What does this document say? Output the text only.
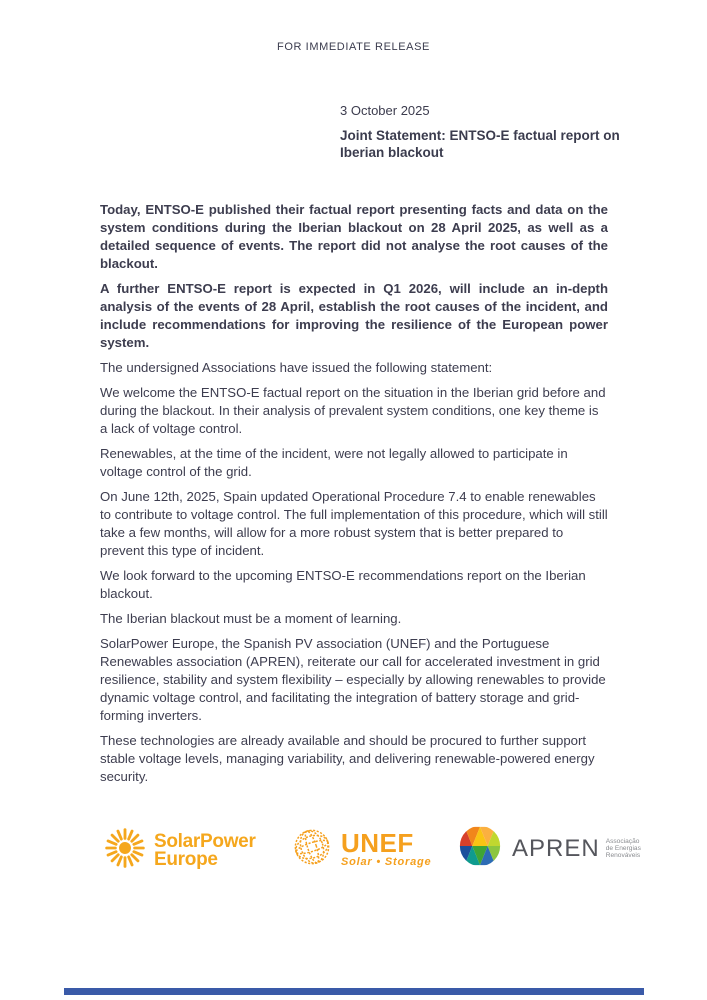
FOR IMMEDIATE RELEASE
3 October 2025
Joint Statement: ENTSO-E factual report on Iberian blackout

Today, ENTSO-E published their factual report presenting facts and data on the system conditions during the Iberian blackout on 28 April 2025, as well as a detailed sequence of events. The report did not analyse the root causes of the blackout.

A further ENTSO-E report is expected in Q1 2026, will include an in-depth analysis of the events of 28 April, establish the root causes of the incident, and include recommendations for improving the resilience of the European power system.

The undersigned Associations have issued the following statement:

We welcome the ENTSO-E factual report on the situation in the Iberian grid before and during the blackout. In their analysis of prevalent system conditions, one key theme is a lack of voltage control.

Renewables, at the time of the incident, were not legally allowed to participate in voltage control of the grid.

On June 12th, 2025, Spain updated Operational Procedure 7.4 to enable renewables to contribute to voltage control. The full implementation of this procedure, which will still take a few months, will allow for a more robust system that is better prepared to prevent this type of incident.

We look forward to the upcoming ENTSO-E recommendations report on the Iberian blackout.

The Iberian blackout must be a moment of learning.

SolarPower Europe, the Spanish PV association (UNEF) and the Portuguese Renewables association (APREN), reiterate our call for accelerated investment in grid resilience, stability and system flexibility – especially by allowing renewables to provide dynamic voltage control, and facilitating the integration of battery storage and grid-forming inverters.

These technologies are already available and should be procured to further support stable voltage levels, managing variability, and delivering renewable-powered energy security.

SolarPower
Europe
UNEF
Solar • Storage
APREN Associação
de Energias
Renováveis
